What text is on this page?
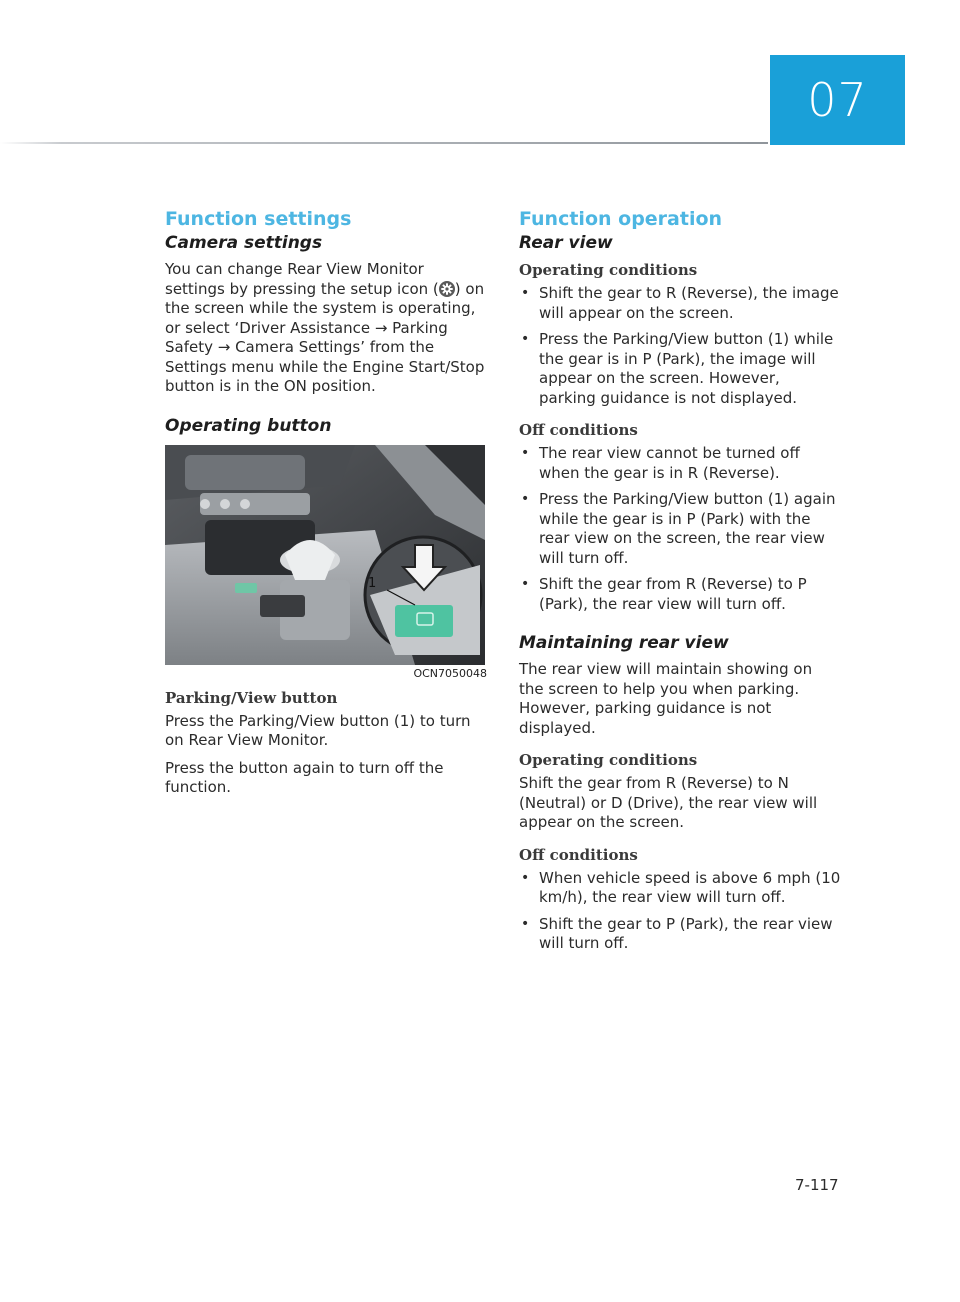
07
Function settings
Camera settings

You can change Rear View Monitor settings by pressing the setup icon ( ) on the screen while the system is operating, or select ‘Driver Assistance → Parking Safety → Camera Settings’ from the Settings menu while the Engine Start/Stop button is in the ON position.

Operating button
1
OCN7050048
Parking/View button

Press the Parking/View button (1) to turn on Rear View Monitor.

Press the button again to turn off the function.

Function operation
Rear view
Operating conditions
• Shift the gear to R (Reverse), the image will appear on the screen.
• Press the Parking/View button (1) while the gear is in P (Park), the image will appear on the screen. However, parking guidance is not displayed.
Off conditions
• The rear view cannot be turned off when the gear is in R (Reverse).
• Press the Parking/View button (1) again while the gear is in P (Park) with the rear view on the screen, the rear view will turn off.
• Shift the gear from R (Reverse) to P (Park), the rear view will turn off.
Maintaining rear view

The rear view will maintain showing on the screen to help you when parking. However, parking guidance is not displayed.

Operating conditions

Shift the gear from R (Reverse) to N (Neutral) or D (Drive), the rear view will appear on the screen.

Off conditions
• When vehicle speed is above 6 mph (10 km/h), the rear view will turn off.
• Shift the gear to P (Park), the rear view will turn off.
7-117
